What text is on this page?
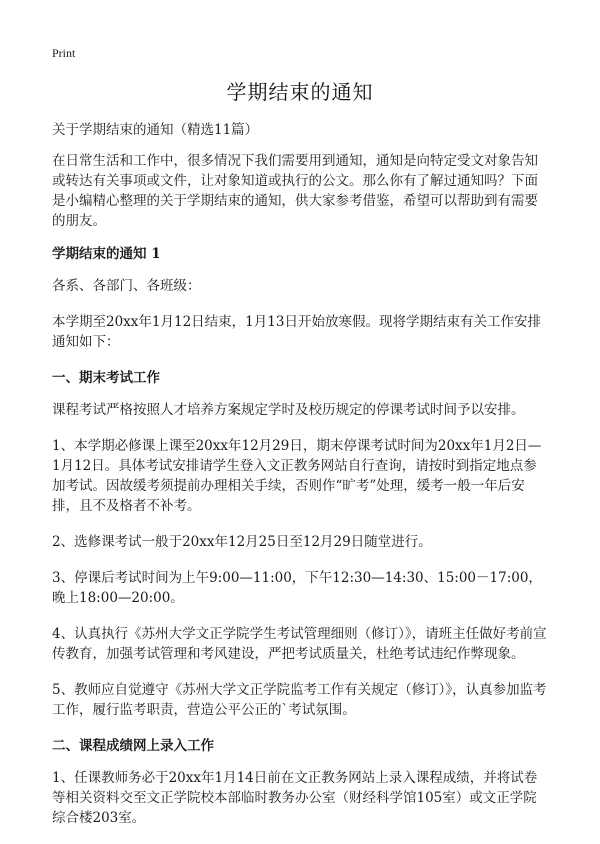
Print
学期结束的通知

关于学期结束的通知（精选11篇）

在日常生活和工作中，很多情况下我们需要用到通知，通知是向特定受文对象告知或转达有关事项或文件，让对象知道或执行的公文。那么你有了解过通知吗？下面是小编精心整理的关于学期结束的通知，供大家参考借鉴，希望可以帮助到有需要的朋友。

学期结束的通知 1

各系、各部门、各班级：

本学期至20xx年1月12日结束，1月13日开始放寒假。现将学期结束有关工作安排通知如下：

一、期末考试工作

课程考试严格按照人才培养方案规定学时及校历规定的停课考试时间予以安排。

1、本学期必修课上课至20xx年12月29日，期末停课考试时间为20xx年1月2日—1月12日。具体考试安排请学生登入文正教务网站自行查询，请按时到指定地点参加考试。因故缓考须提前办理相关手续，否则作“旷考”处理，缓考一般一年后安排，且不及格者不补考。

2、选修课考试一般于20xx年12月25日至12月29日随堂进行。

3、停课后考试时间为上午9:00—11:00，下午12:30—14:30、15:00－17:00，晚上18:00—20:00。

4、认真执行《苏州大学文正学院学生考试管理细则（修订）》，请班主任做好考前宣传教育，加强考试管理和考风建设，严把考试质量关，杜绝考试违纪作弊现象。

5、教师应自觉遵守《苏州大学文正学院监考工作有关规定（修订）》，认真参加监考工作，履行监考职责，营造公平公正的`考试氛围。

二、课程成绩网上录入工作

1、任课教师务必于20xx年1月14日前在文正教务网站上录入课程成绩，并将试卷等相关资料交至文正学院校本部临时教务办公室（财经科学馆105室）或文正学院综合楼203室。
